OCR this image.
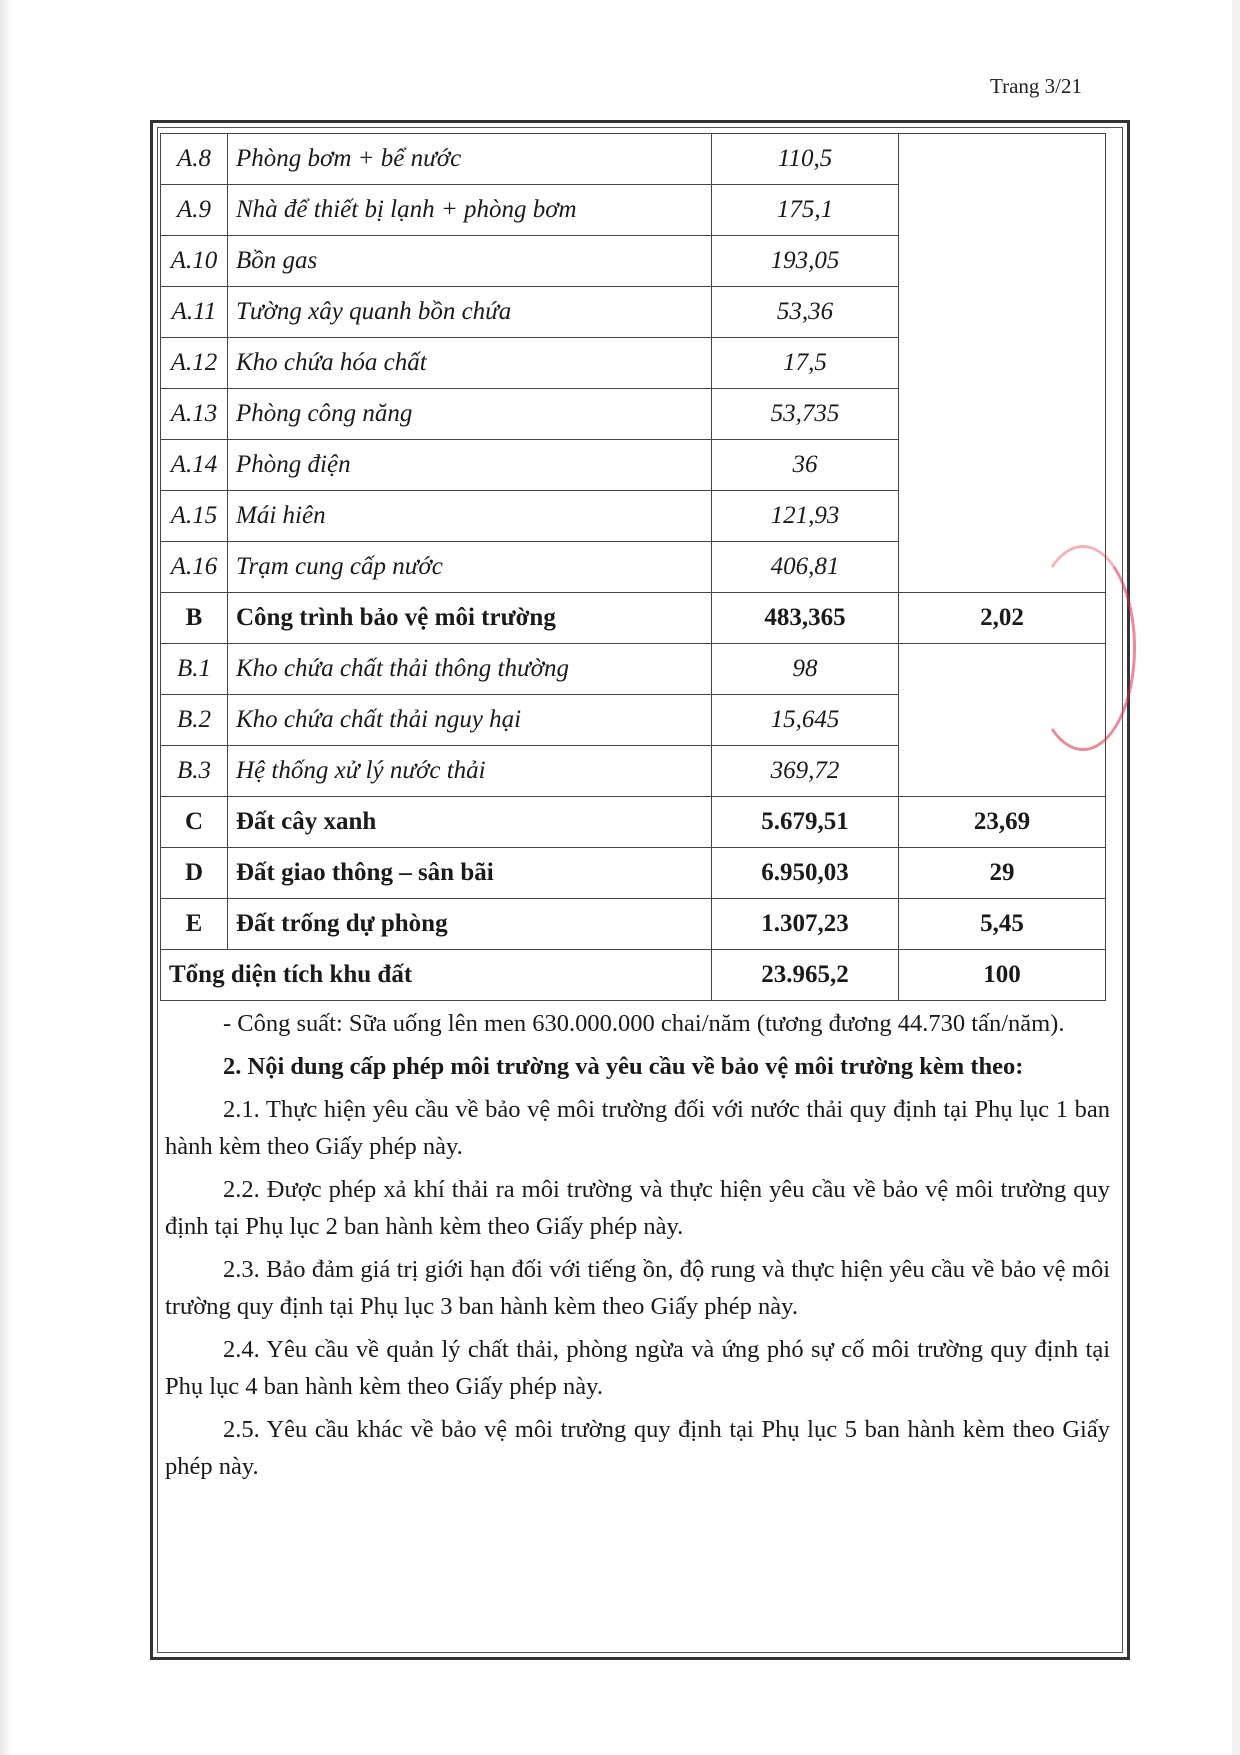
Trang 3/21
A.8	Phòng bơm + bể nước	110,5	
A.9	Nhà để thiết bị lạnh + phòng bơm	175,1	
A.10	Bồn gas	193,05	
A.11	Tường xây quanh bồn chứa	53,36	
A.12	Kho chứa hóa chất	17,5	
A.13	Phòng công năng	53,735	
A.14	Phòng điện	36	
A.15	Mái hiên	121,93	
A.16	Trạm cung cấp nước	406,81	
B	Công trình bảo vệ môi trường	483,365	2,02
B.1	Kho chứa chất thải thông thường	98	
B.2	Kho chứa chất thải nguy hại	15,645	
B.3	Hệ thống xử lý nước thải	369,72	
C	Đất cây xanh	5.679,51	23,69
D	Đất giao thông – sân bãi	6.950,03	29
E	Đất trống dự phòng	1.307,23	5,45
Tổng diện tích khu đất		23.965,2	100

- Công suất: Sữa uống lên men 630.000.000 chai/năm (tương đương 44.730 tấn/năm).

2. Nội dung cấp phép môi trường và yêu cầu về bảo vệ môi trường kèm theo:

2.1. Thực hiện yêu cầu về bảo vệ môi trường đối với nước thải quy định tại Phụ lục 1 ban hành kèm theo Giấy phép này.

2.2. Được phép xả khí thải ra môi trường và thực hiện yêu cầu về bảo vệ môi trường quy định tại Phụ lục 2 ban hành kèm theo Giấy phép này.

2.3. Bảo đảm giá trị giới hạn đối với tiếng ồn, độ rung và thực hiện yêu cầu về bảo vệ môi trường quy định tại Phụ lục 3 ban hành kèm theo Giấy phép này.

2.4. Yêu cầu về quản lý chất thải, phòng ngừa và ứng phó sự cố môi trường quy định tại Phụ lục 4 ban hành kèm theo Giấy phép này.

2.5. Yêu cầu khác về bảo vệ môi trường quy định tại Phụ lục 5 ban hành kèm theo Giấy phép này.
